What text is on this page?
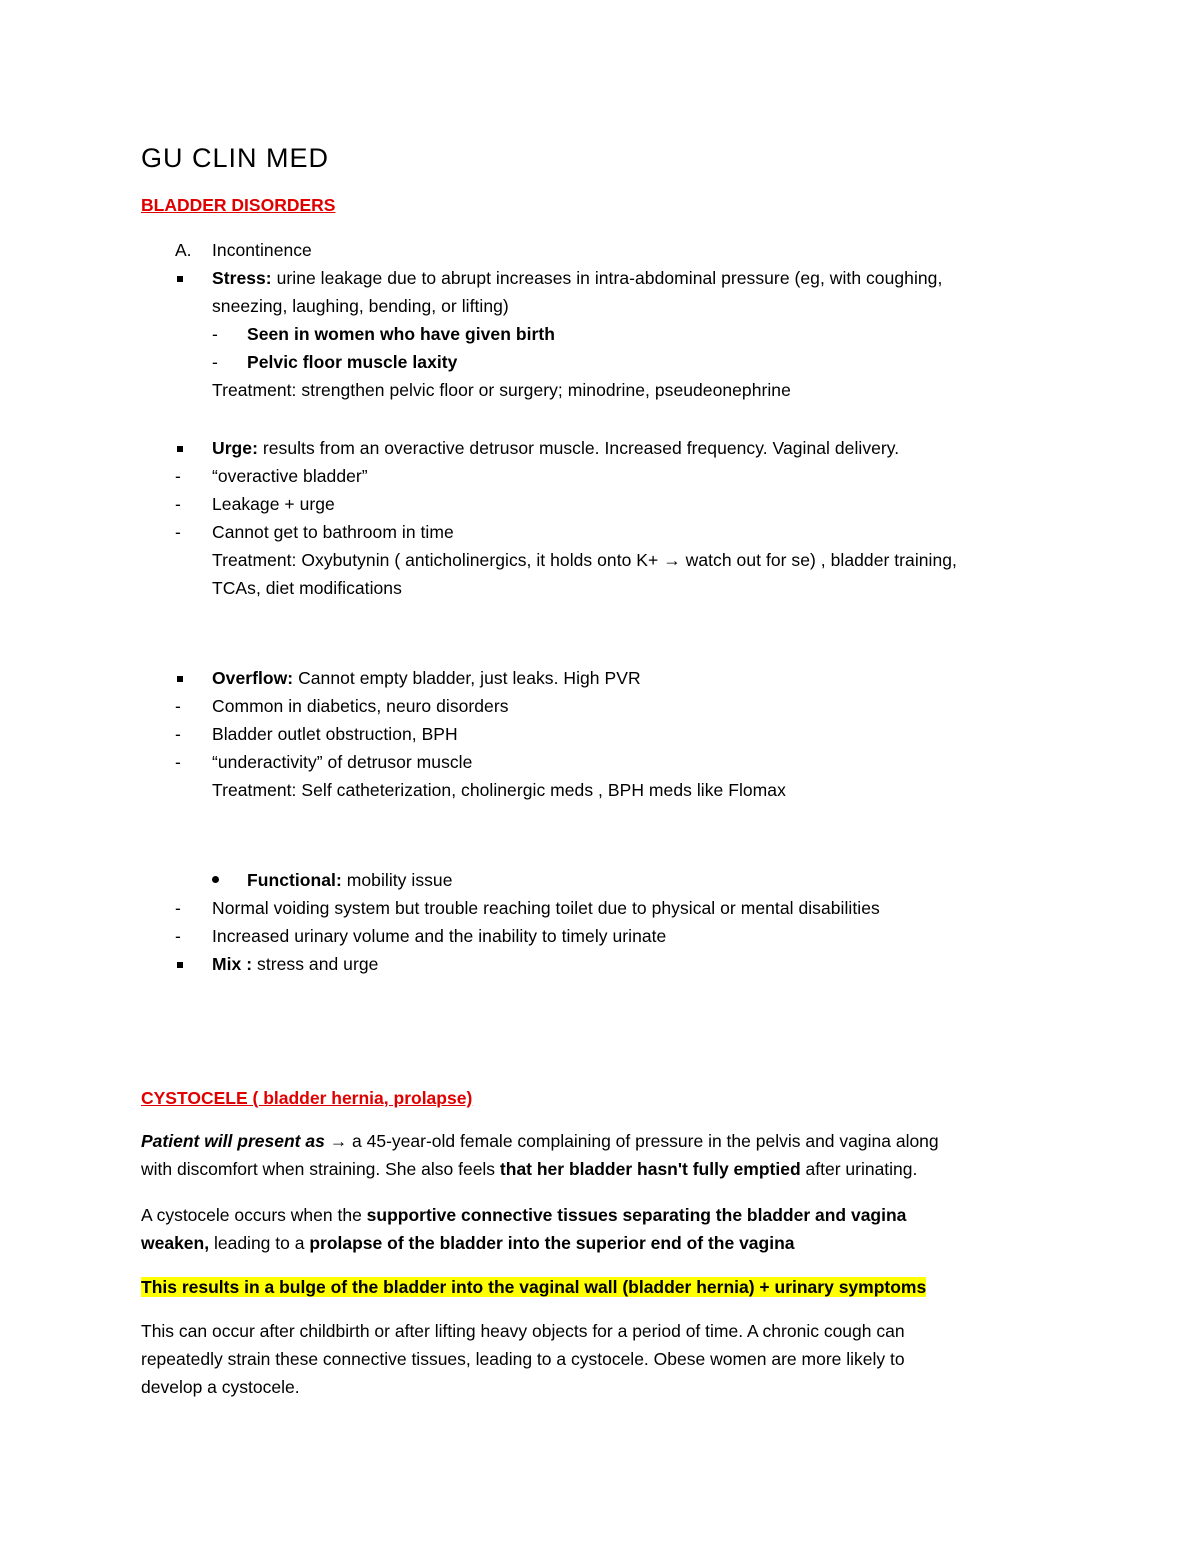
GU CLIN MED
BLADDER DISORDERS
A. Incontinence
Stress: urine leakage due to abrupt increases in intra-abdominal pressure (eg, with coughing,
sneezing, laughing, bending, or lifting)
- Seen in women who have given birth
- Pelvic floor muscle laxity
Treatment: strengthen pelvic floor or surgery; minodrine, pseudeonephrine
Urge: results from an overactive detrusor muscle. Increased frequency. Vaginal delivery.
- “overactive bladder”
- Leakage + urge
- Cannot get to bathroom in time
Treatment: Oxybutynin ( anticholinergics, it holds onto K+ → watch out for se) , bladder training,
TCAs, diet modifications
Overflow: Cannot empty bladder, just leaks. High PVR
- Common in diabetics, neuro disorders
- Bladder outlet obstruction, BPH
- “underactivity” of detrusor muscle
Treatment: Self catheterization, cholinergic meds , BPH meds like Flomax
Functional: mobility issue
- Normal voiding system but trouble reaching toilet due to physical or mental disabilities
- Increased urinary volume and the inability to timely urinate
Mix : stress and urge
CYSTOCELE ( bladder hernia, prolapse)
Patient will present as → a 45-year-old female complaining of pressure in the pelvis and vagina along
with discomfort when straining. She also feels that her bladder hasn't fully emptied after urinating.
A cystocele occurs when the supportive connective tissues separating the bladder and vagina
weaken, leading to a prolapse of the bladder into the superior end of the vagina
This results in a bulge of the bladder into the vaginal wall (bladder hernia) + urinary symptoms
This can occur after childbirth or after lifting heavy objects for a period of time. A chronic cough can
repeatedly strain these connective tissues, leading to a cystocele. Obese women are more likely to
develop a cystocele.
